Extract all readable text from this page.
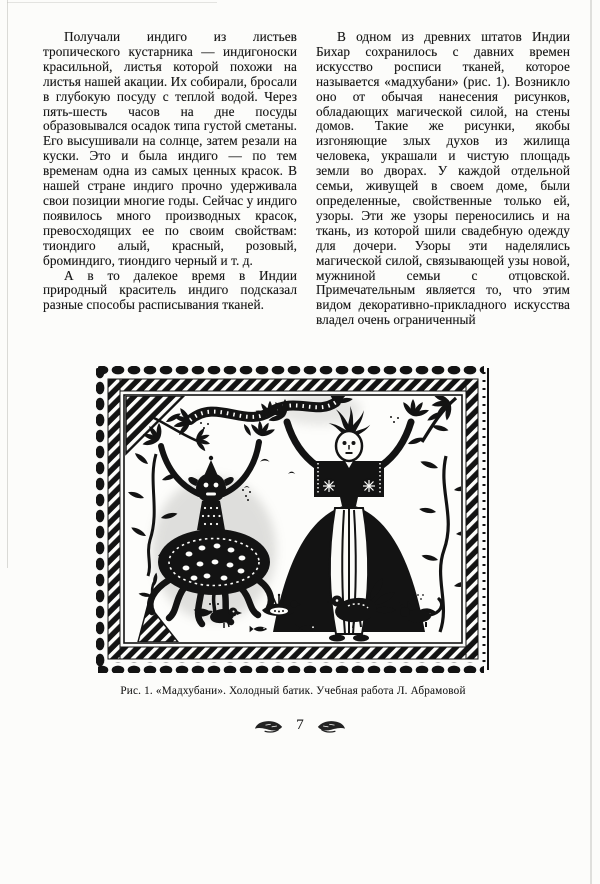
Получали индиго из листьев тропического кустарника — индигоноски красильной, листья которой похожи на листья нашей акации. Их собирали, бросали в глубокую посуду с теплой водой. Через пять-шесть часов на дне посуды образовывался осадок типа густой сметаны. Его высушивали на солнце, затем резали на куски. Это и была индиго — по тем временам одна из самых ценных красок. В нашей стране индиго прочно удерживала свои позиции многие годы. Сейчас у индиго появилось много производных красок, превосходящих ее по своим свойствам: тиондиго алый, красный, розовый, броминдиго, тиондиго черный и т. д.

А в то далекое время в Индии природный краситель индиго подсказал разные способы расписывания тканей.

В одном из древних штатов Индии Бихар сохранилось с давних времен искусство росписи тканей, которое называется «мадхубани» (рис. 1). Возникло оно от обычая нанесения рисунков, обладающих магической силой, на стены домов. Такие же рисунки, якобы изгоняющие злых духов из жилища человека, украшали и чистую площадь земли во дворах. У каждой отдельной семьи, живущей в своем доме, были определенные, свойственные только ей, узоры. Эти же узоры переносились и на ткань, из которой шили свадебную одежду для дочери. Узоры эти наделялись магической силой, связывающей узы новой, мужниной семьи с отцовской. Примечательным является то, что этим видом декоративно-прикладного искусства владел очень ограниченный

Рис. 1. «Мадхубани». Холодный батик. Учебная работа Л. Абрамовой
7
